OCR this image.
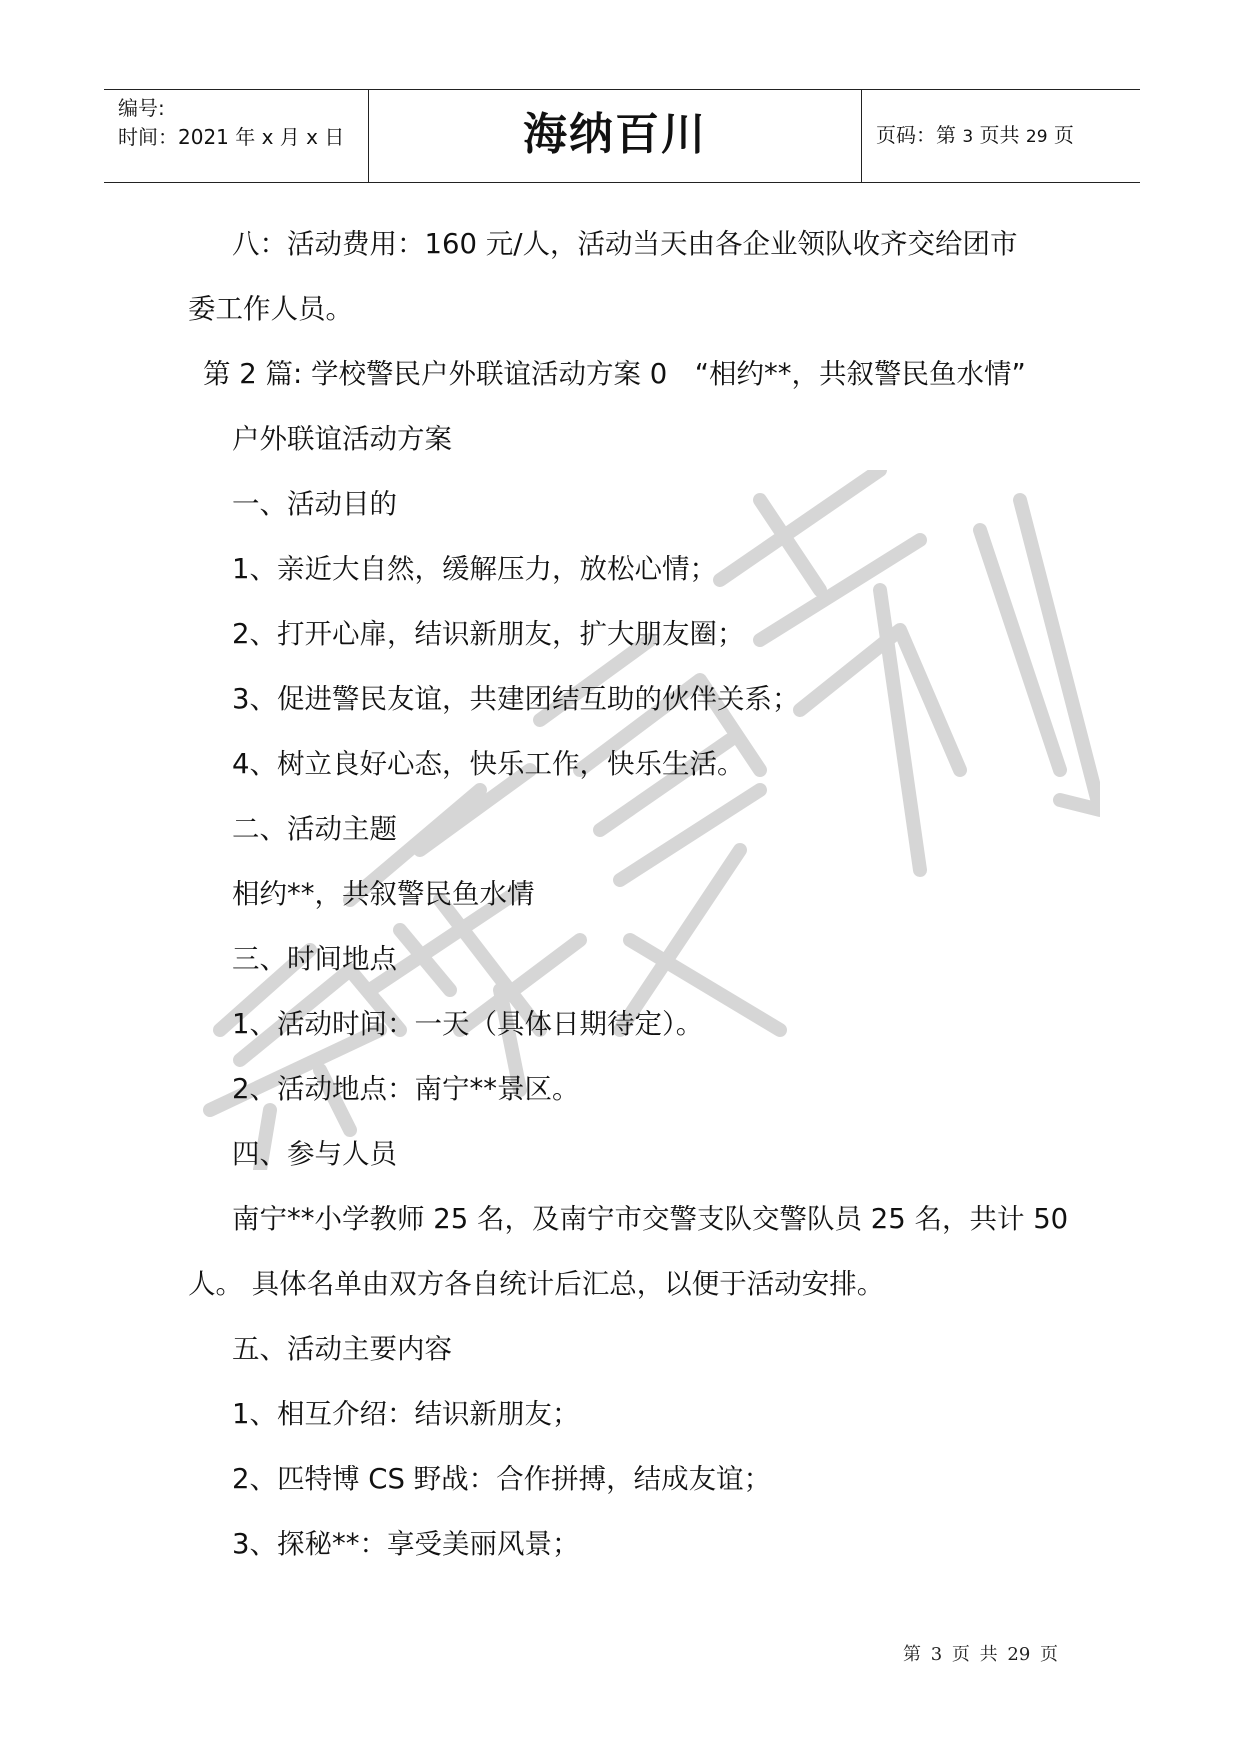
编号:
时间：2021 年 x 月 x 日	海纳百川	页码：第 3 页共 29 页
八：活动费用：160 元/人，活动当天由各企业领队收齐交给团市
委工作人员。
第 2 篇: 学校警民户外联谊活动方案 0　“相约**，共叙警民鱼水情”
户外联谊活动方案
一、活动目的
1、亲近大自然，缓解压力，放松心情；
2、打开心扉，结识新朋友，扩大朋友圈；
3、促进警民友谊，共建团结互助的伙伴关系；
4、树立良好心态，快乐工作，快乐生活。
二、活动主题
相约**，共叙警民鱼水情
三、时间地点
1、活动时间：一天（具体日期待定）。
2、活动地点：南宁**景区。
四、参与人员
南宁**小学教师 25 名，及南宁市交警支队交警队员 25 名，共计 50
人。 具体名单由双方各自统计后汇总，以便于活动安排。
五、活动主要内容
1、相互介绍：结识新朋友；
2、匹特博 CS 野战：合作拼搏，结成友谊；
3、探秘**：享受美丽风景；
第 3 页 共 29 页
